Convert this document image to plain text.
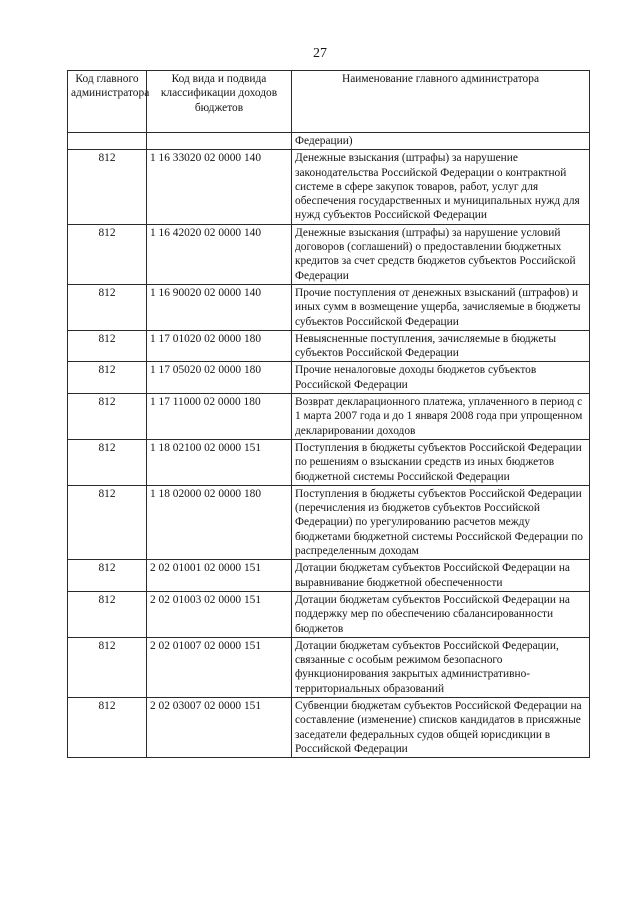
27
Код главного администратора	Код вида и подвида классификации доходов бюджетов	Наименование главного администратора
		Федерации)
812	1 16 33020 02 0000 140	Денежные взыскания (штрафы) за нарушение законодательства Российской Федерации о контрактной системе в сфере закупок товаров, работ, услуг для обеспечения государственных и муниципальных нужд для нужд субъектов Российской Федерации
812	1 16 42020 02 0000 140	Денежные взыскания (штрафы) за нарушение условий договоров (соглашений) о предоставлении бюджетных кредитов за счет средств бюджетов субъектов Российской Федерации
812	1 16 90020 02 0000 140	Прочие поступления от денежных взысканий (штрафов) и иных сумм в возмещение ущерба, зачисляемые в бюджеты субъектов Российской Федерации
812	1 17 01020 02 0000 180	Невыясненные поступления, зачисляемые в бюджеты субъектов Российской Федерации
812	1 17 05020 02 0000 180	Прочие неналоговые доходы бюджетов субъектов Российской Федерации
812	1 17 11000 02 0000 180	Возврат декларационного платежа, уплаченного в период с 1 марта 2007 года и до 1 января 2008 года при упрощенном декларировании доходов
812	1 18 02100 02 0000 151	Поступления в бюджеты субъектов Российской Федерации по решениям о взыскании средств из иных бюджетов бюджетной системы Российской Федерации
812	1 18 02000 02 0000 180	Поступления в бюджеты субъектов Российской Федерации (перечисления из бюджетов субъектов Российской Федерации) по урегулированию расчетов между бюджетами бюджетной системы Российской Федерации по распределенным доходам
812	2 02 01001 02 0000 151	Дотации бюджетам субъектов Российской Федерации на выравнивание бюджетной обеспеченности
812	2 02 01003 02 0000 151	Дотации бюджетам субъектов Российской Федерации на поддержку мер по обеспечению сбалансированности бюджетов
812	2 02 01007 02 0000 151	Дотации бюджетам субъектов Российской Федерации, связанные с особым режимом безопасного функционирования закрытых административно-территориальных образований
812	2 02 03007 02 0000 151	Субвенции бюджетам субъектов Российской Федерации на составление (изменение) списков кандидатов в присяжные заседатели федеральных судов общей юрисдикции в Российской Федерации
